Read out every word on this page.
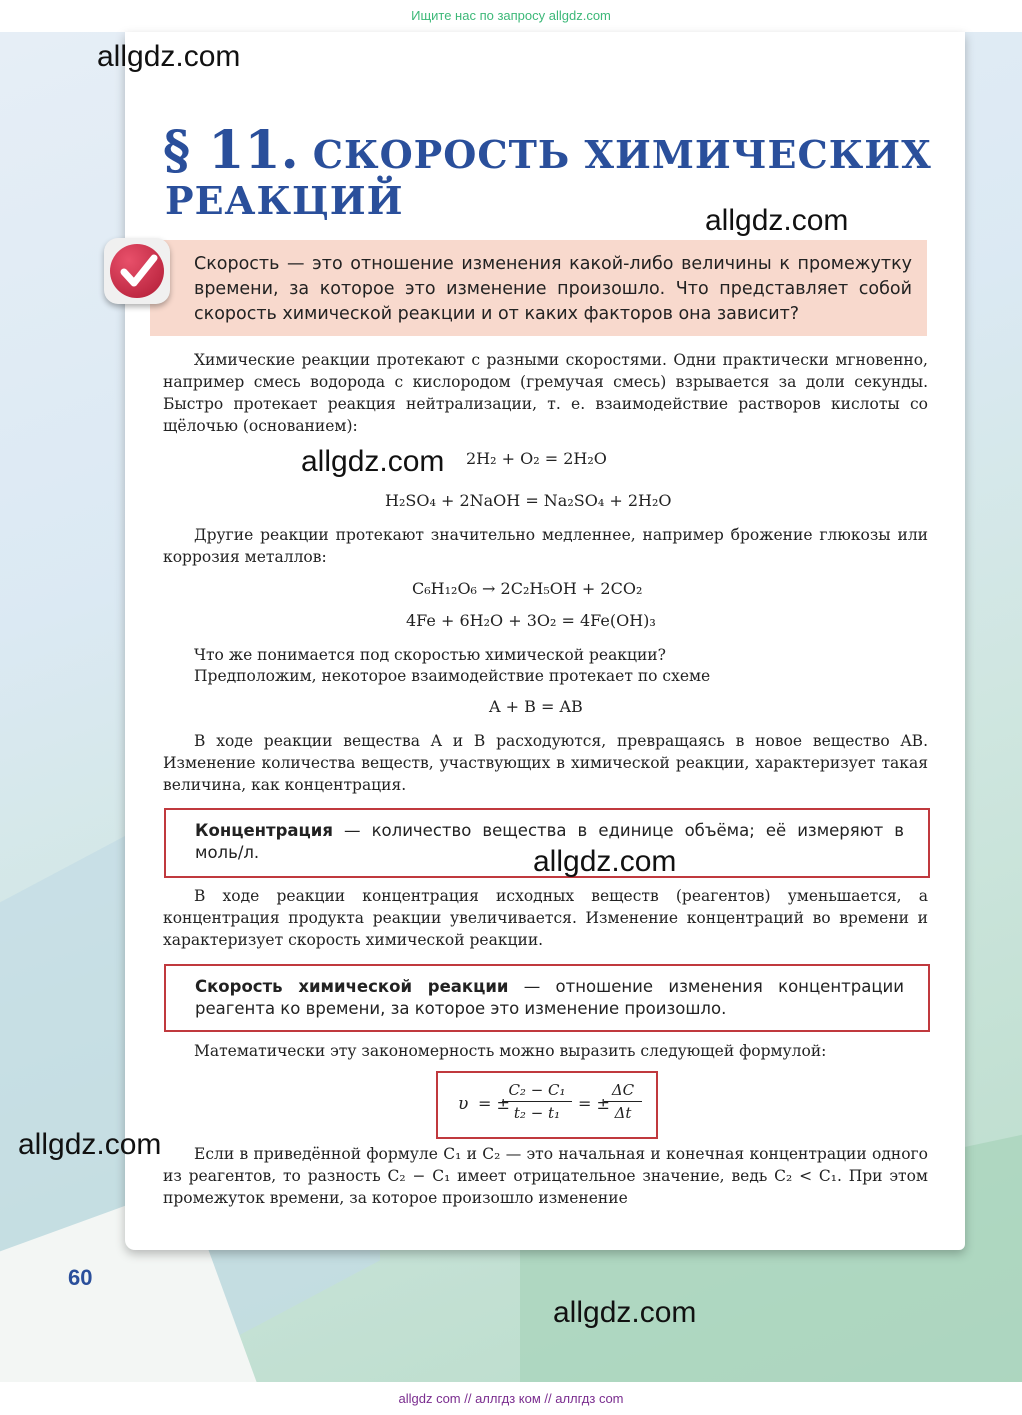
Ищите нас по запросу allgdz.com
§ 11. СКОРОСТЬ ХИМИЧЕСКИХ
РЕАКЦИЙ

Скорость — это отношение изменения какой-либо величины к промежутку времени, за которое это изменение произошло. Что представляет собой скорость химической реакции и от каких факторов она зависит?

Химические реакции протекают с разными скоростями. Одни практически мгновенно, например смесь водорода с кислородом (гремучая смесь) взрывается за доли секунды. Быстро протекает реакция нейтрализации, т. е. взаимодействие растворов кислоты со щёлочью (основанием):

2H₂ + O₂ = 2H₂O
H₂SO₄ + 2NaOH = Na₂SO₄ + 2H₂O

Другие реакции протекают значительно медленнее, например брожение глюкозы или коррозия металлов:

C₆H₁₂O₆ → 2C₂H₅OH + 2CO₂
4Fe + 6H₂O + 3O₂ = 4Fe(OH)₃

Что же понимается под скоростью химической реакции?

Предположим, некоторое взаимодействие протекает по схеме

A + B = AB

В ходе реакции вещества A и B расходуются, превращаясь в новое вещество AB. Изменение количества веществ, участвующих в химической реакции, характеризует такая величина, как концентрация.

Концентрация — количество вещества в единице объёма; её измеряют в моль/л.

В ходе реакции концентрация исходных веществ (реагентов) уменьшается, а концентрация продукта реакции увеличивается. Изменение концентраций во времени и характеризует скорость химической реакции.

Скорость химической реакции — отношение изменения концентрации реагента ко времени, за которое это изменение произошло.

Математически эту закономерность можно выразить следующей формулой:

υ = ±
$\frac{\text{C₂ − C₁}}{\text{t₂ − t₁}}$ = ±
$\frac{\Delta C}{\Delta t}$

Если в приведённой формуле C₁ и C₂ — это начальная и конечная концентрации одного из реагентов, то разность C₂ − C₁ имеет отрицательное значение, ведь C₂ < C₁. При этом промежуток времени, за которое произошло изменение

60
allgdz.com
allgdz.com
allgdz.com
allgdz.com
allgdz.com
allgdz.com
allgdz com // аллгдз ком // аллгдз com
